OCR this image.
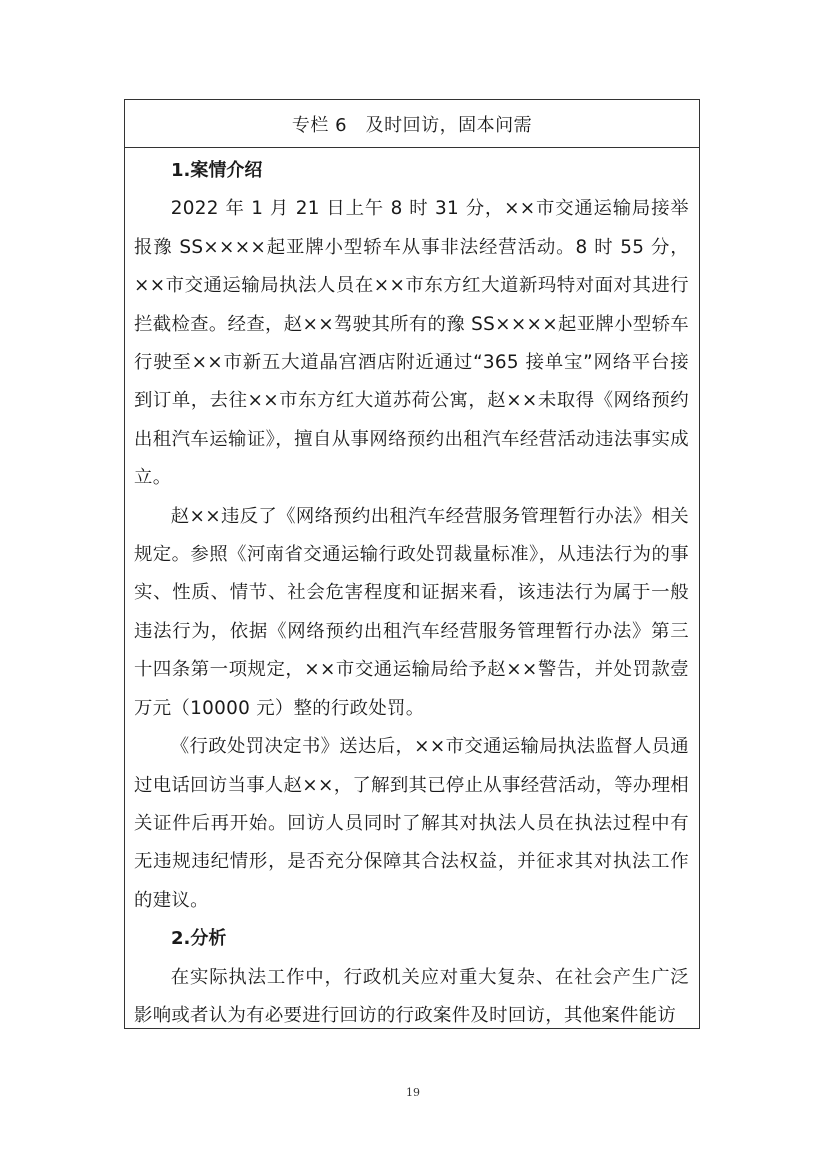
专栏 6　及时回访，固本问需

1.案情介绍

2022 年 1 月 21 日上午 8 时 31 分，××市交通运输局接举报豫 SS××××起亚牌小型轿车从事非法经营活动。8 时 55 分，××市交通运输局执法人员在××市东方红大道新玛特对面对其进行拦截检查。经查，赵××驾驶其所有的豫 SS××××起亚牌小型轿车行驶至××市新五大道晶宫酒店附近通过“365 接单宝”网络平台接到订单，去往××市东方红大道苏荷公寓，赵××未取得《网络预约出租汽车运输证》，擅自从事网络预约出租汽车经营活动违法事实成立。

赵××违反了《网络预约出租汽车经营服务管理暂行办法》相关规定。参照《河南省交通运输行政处罚裁量标准》，从违法行为的事实、性质、情节、社会危害程度和证据来看，该违法行为属于一般违法行为，依据《网络预约出租汽车经营服务管理暂行办法》第三十四条第一项规定，××市交通运输局给予赵××警告，并处罚款壹万元（10000 元）整的行政处罚。

《行政处罚决定书》送达后，××市交通运输局执法监督人员通过电话回访当事人赵××，了解到其已停止从事经营活动，等办理相关证件后再开始。回访人员同时了解其对执法人员在执法过程中有无违规违纪情形，是否充分保障其合法权益，并征求其对执法工作的建议。

2.分析

在实际执法工作中，行政机关应对重大复杂、在社会产生广泛影响或者认为有必要进行回访的行政案件及时回访，其他案件能访

19
